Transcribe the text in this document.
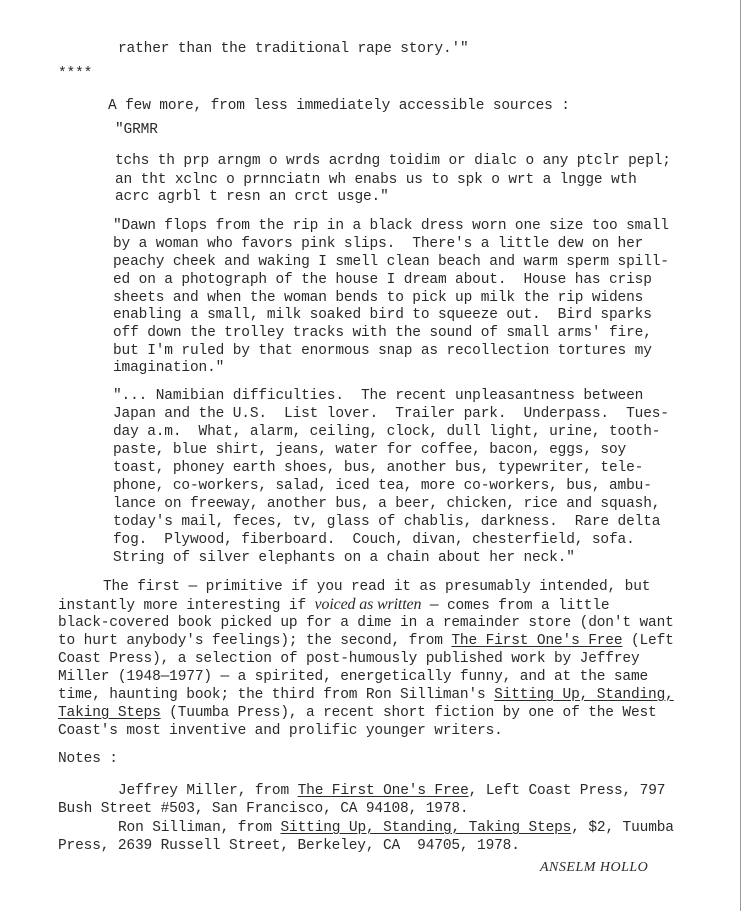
rather than the traditional rape story.'"
****
A few more, from less immediately accessible sources :
"GRMR
tchs th prp arngm o wrds acrdng toidim or dialc o any ptclr pepl;
an tht xclnc o prnnciatn wh enabs us to spk o wrt a lngge wth
acrc agrbl t resn an crct usge."
"Dawn flops from the rip in a black dress worn one size too small
by a woman who favors pink slips.  There's a little dew on her
peachy cheek and waking I smell clean beach and warm sperm spill-
ed on a photograph of the house I dream about.  House has crisp
sheets and when the woman bends to pick up milk the rip widens
enabling a small, milk soaked bird to squeeze out.  Bird sparks
off down the trolley tracks with the sound of small arms' fire,
but I'm ruled by that enormous snap as recollection tortures my
imagination."
"... Namibian difficulties.  The recent unpleasantness between
Japan and the U.S.  List lover.  Trailer park.  Underpass.  Tues-
day a.m.  What, alarm, ceiling, clock, dull light, urine, tooth-
paste, blue shirt, jeans, water for coffee, bacon, eggs, soy
toast, phoney earth shoes, bus, another bus, typewriter, tele-
phone, co-workers, salad, iced tea, more co-workers, bus, ambu-
lance on freeway, another bus, a beer, chicken, rice and squash,
today's mail, feces, tv, glass of chablis, darkness.  Rare delta
fog.  Plywood, fiberboard.  Couch, divan, chesterfield, sofa.
String of silver elephants on a chain about her neck."
The first — primitive if you read it as presumably intended, but
instantly more interesting if voiced as written — comes from a little
black-covered book picked up for a dime in a remainder store (don't want
to hurt anybody's feelings); the second, from The First One's Free (Left
Coast Press), a selection of post-humously published work by Jeffrey
Miller (1948—1977) — a spirited, energetically funny, and at the same
time, haunting book; the third from Ron Silliman's Sitting Up, Standing,
Taking Steps (Tuumba Press), a recent short fiction by one of the West
Coast's most inventive and prolific younger writers.
Notes :
Jeffrey Miller, from The First One's Free, Left Coast Press, 797
Bush Street #503, San Francisco, CA 94108, 1978.
Ron Silliman, from Sitting Up, Standing, Taking Steps, $2, Tuumba
Press, 2639 Russell Street, Berkeley, CA  94705, 1978.
ANSELM HOLLO
